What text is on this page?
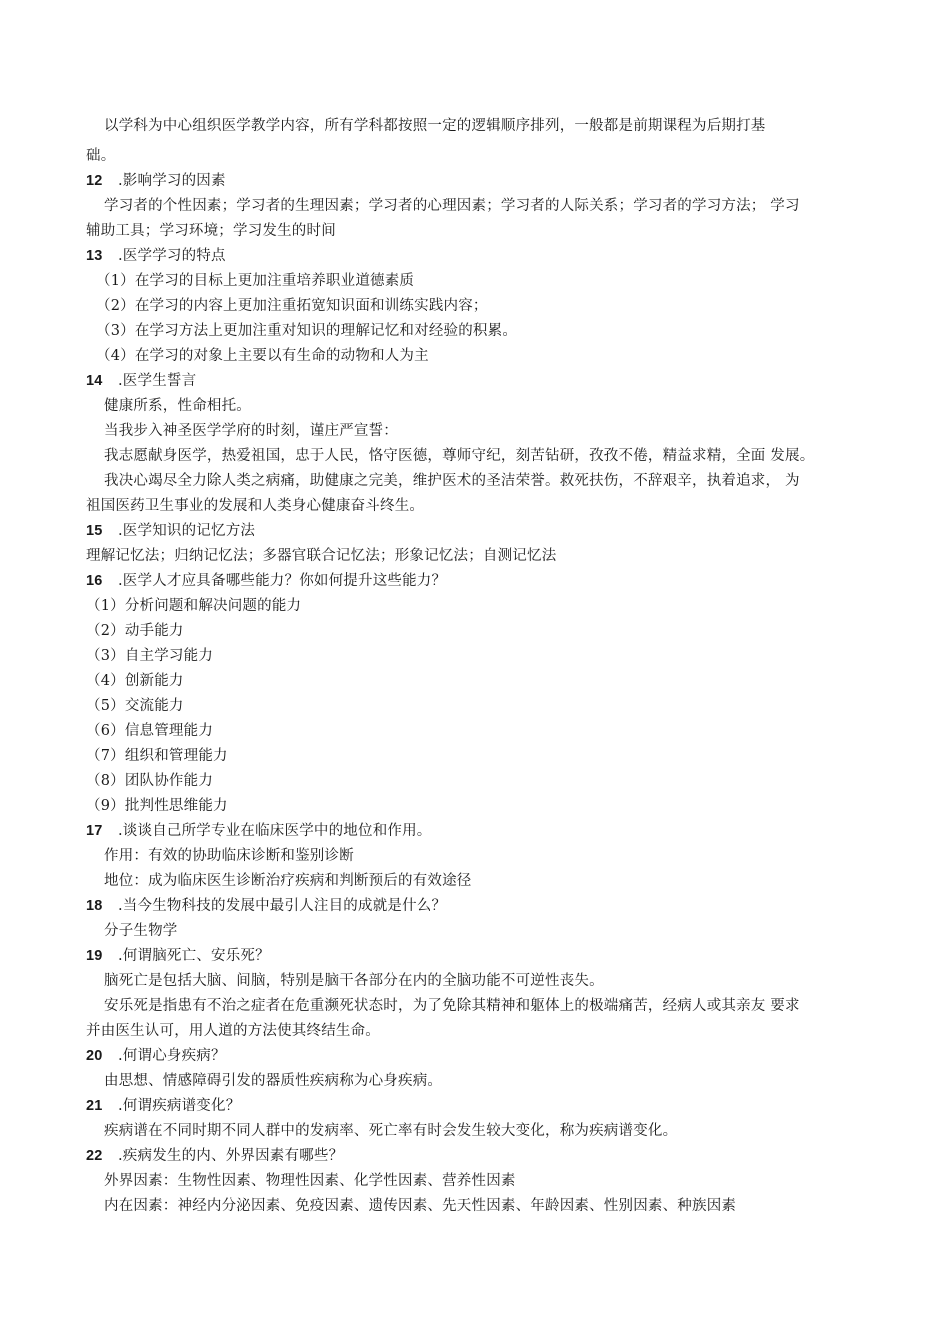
以学科为中心组织医学教学内容，所有学科都按照一定的逻辑顺序排列，一般都是前期课程为后期打基
础。
12 .影响学习的因素
学习者的个性因素；学习者的生理因素；学习者的心理因素；学习者的人际关系；学习者的学习方法； 学习
辅助工具；学习环境；学习发生的时间
13 .医学学习的特点
（1）在学习的目标上更加注重培养职业道德素质
（2）在学习的内容上更加注重拓宽知识面和训练实践内容；
（3）在学习方法上更加注重对知识的理解记忆和对经验的积累。
（4）在学习的对象上主要以有生命的动物和人为主
14 .医学生誓言
健康所系，性命相托。
当我步入神圣医学学府的时刻，谨庄严宣誓：
我志愿献身医学，热爱祖国，忠于人民，恪守医德，尊师守纪，刻苦钻研，孜孜不倦，精益求精，全面 发展。
我决心竭尽全力除人类之病痛，助健康之完美，维护医术的圣洁荣誉。救死扶伤，不辞艰辛，执着追求， 为
祖国医药卫生事业的发展和人类身心健康奋斗终生。
15 .医学知识的记忆方法
理解记忆法；归纳记忆法；多器官联合记忆法；形象记忆法；自测记忆法
16 .医学人才应具备哪些能力？你如何提升这些能力？
（1）分析问题和解决问题的能力
（2）动手能力
（3）自主学习能力
（4）创新能力
（5）交流能力
（6）信息管理能力
（7）组织和管理能力
（8）团队协作能力
（9）批判性思维能力
17 .谈谈自己所学专业在临床医学中的地位和作用。
作用：有效的协助临床诊断和鉴别诊断
地位：成为临床医生诊断治疗疾病和判断预后的有效途径
18 .当今生物科技的发展中最引人注目的成就是什么？
分子生物学
19 .何谓脑死亡、安乐死？
脑死亡是包括大脑、间脑，特别是脑干各部分在内的全脑功能不可逆性丧失。
安乐死是指患有不治之症者在危重濒死状态时，为了免除其精神和躯体上的极端痛苦，经病人或其亲友 要求
并由医生认可，用人道的方法使其终结生命。
20 .何谓心身疾病？
由思想、情感障碍引发的器质性疾病称为心身疾病。
21 .何谓疾病谱变化？
疾病谱在不同时期不同人群中的发病率、死亡率有时会发生较大变化，称为疾病谱变化。
22 .疾病发生的内、外界因素有哪些？
外界因素：生物性因素、物理性因素、化学性因素、营养性因素
内在因素：神经内分泌因素、免疫因素、遗传因素、先天性因素、年龄因素、性别因素、种族因素
